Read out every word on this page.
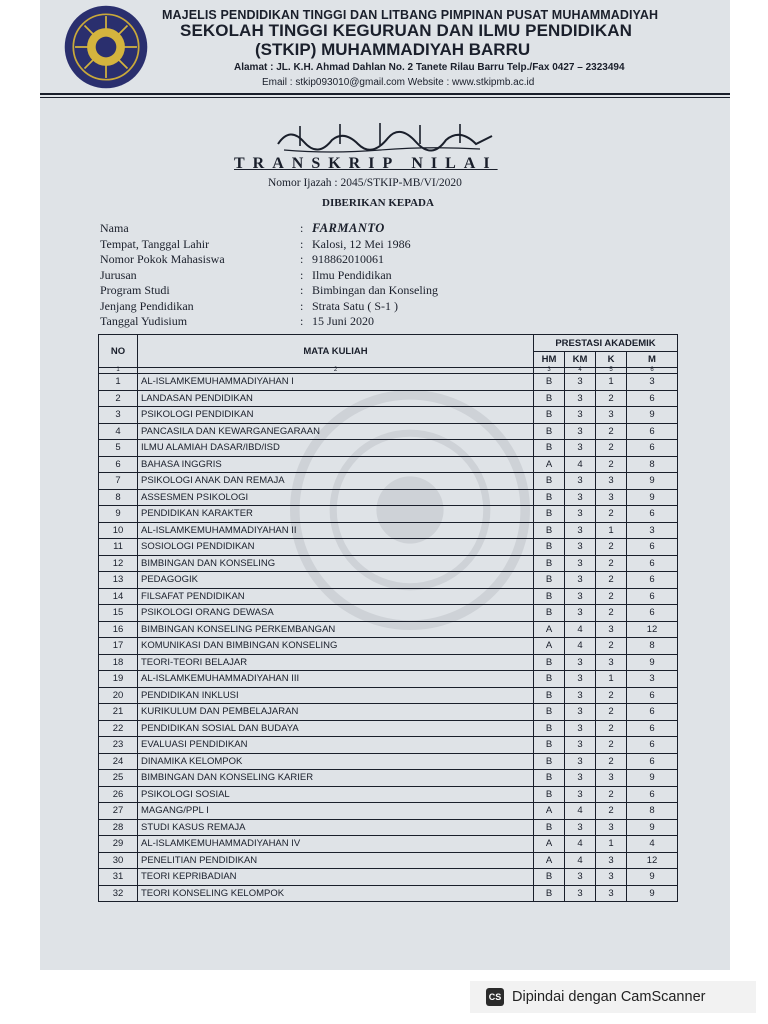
MAJELIS PENDIDIKAN TINGGI DAN LITBANG PIMPINAN PUSAT MUHAMMADIYAH
SEKOLAH TINGGI KEGURUAN DAN ILMU PENDIDIKAN
(STKIP) MUHAMMADIYAH BARRU
Alamat : JL. K.H. Ahmad Dahlan No. 2 Tanete Rilau Barru Telp./Fax 0427 – 2323494
Email : stkip093010@gmail.com Website : www.stkipmb.ac.id
TRANSKRIP NILAI
Nomor Ijazah : 2045/STKIP-MB/VI/2020
DIBERIKAN KEPADA
Nama	: FARMANTO
Tempat, Tanggal Lahir	: Kalosi, 12 Mei 1986
Nomor Pokok Mahasiswa	: 918862010061
Jurusan	: Ilmu Pendidikan
Program Studi	: Bimbingan dan Konseling
Jenjang Pendidikan	: Strata Satu ( S-1 )
Tanggal Yudisium	: 15 Juni 2020
NO	MATA KULIAH	PRESTASI AKADEMIK			
		HM	KM	K	M
1	2	3	4	5	6
1	AL-ISLAMKEMUHAMMADIYAHAN I	B	3	1	3
2	LANDASAN PENDIDIKAN	B	3	2	6
3	PSIKOLOGI PENDIDIKAN	B	3	3	9
4	PANCASILA DAN KEWARGANEGARAAN	B	3	2	6
5	ILMU ALAMIAH DASAR/IBD/ISD	B	3	2	6
6	BAHASA INGGRIS	A	4	2	8
7	PSIKOLOGI ANAK DAN REMAJA	B	3	3	9
8	ASSESMEN PSIKOLOGI	B	3	3	9
9	PENDIDIKAN KARAKTER	B	3	2	6
10	AL-ISLAMKEMUHAMMADIYAHAN II	B	3	1	3
11	SOSIOLOGI PENDIDIKAN	B	3	2	6
12	BIMBINGAN DAN KONSELING	B	3	2	6
13	PEDAGOGIK	B	3	2	6
14	FILSAFAT PENDIDIKAN	B	3	2	6
15	PSIKOLOGI ORANG DEWASA	B	3	2	6
16	BIMBINGAN KONSELING PERKEMBANGAN	A	4	3	12
17	KOMUNIKASI DAN BIMBINGAN KONSELING	A	4	2	8
18	TEORI-TEORI BELAJAR	B	3	3	9
19	AL-ISLAMKEMUHAMMADIYAHAN III	B	3	1	3
20	PENDIDIKAN INKLUSI	B	3	2	6
21	KURIKULUM DAN PEMBELAJARAN	B	3	2	6
22	PENDIDIKAN SOSIAL DAN BUDAYA	B	3	2	6
23	EVALUASI PENDIDIKAN	B	3	2	6
24	DINAMIKA KELOMPOK	B	3	2	6
25	BIMBINGAN DAN KONSELING KARIER	B	3	3	9
26	PSIKOLOGI SOSIAL	B	3	2	6
27	MAGANG/PPL I	A	4	2	8
28	STUDI KASUS REMAJA	B	3	3	9
29	AL-ISLAMKEMUHAMMADIYAHAN IV	A	4	1	4
30	PENELITIAN PENDIDIKAN	A	4	3	12
31	TEORI KEPRIBADIAN	B	3	3	9
32	TEORI KONSELING KELOMPOK	B	3	3	9
CS Dipindai dengan CamScanner
